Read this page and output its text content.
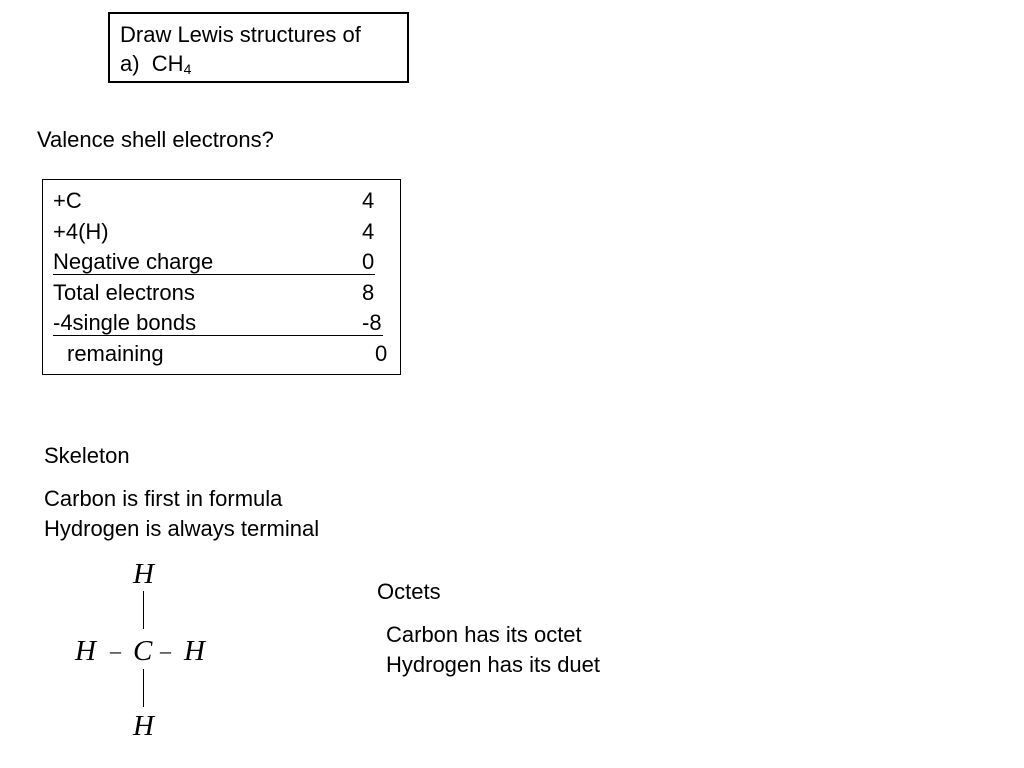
Draw Lewis structures of
a) $CH_4$
Valence shell electrons?
+C	4
+4(H)	4
Negative charge	0
Total electrons	8
-4single bonds	-8
remaining	0
Skeleton
Carbon is first in formula
Hydrogen is always terminal
H
H – C – H
H
Octets
Carbon has its octet
Hydrogen has its duet
